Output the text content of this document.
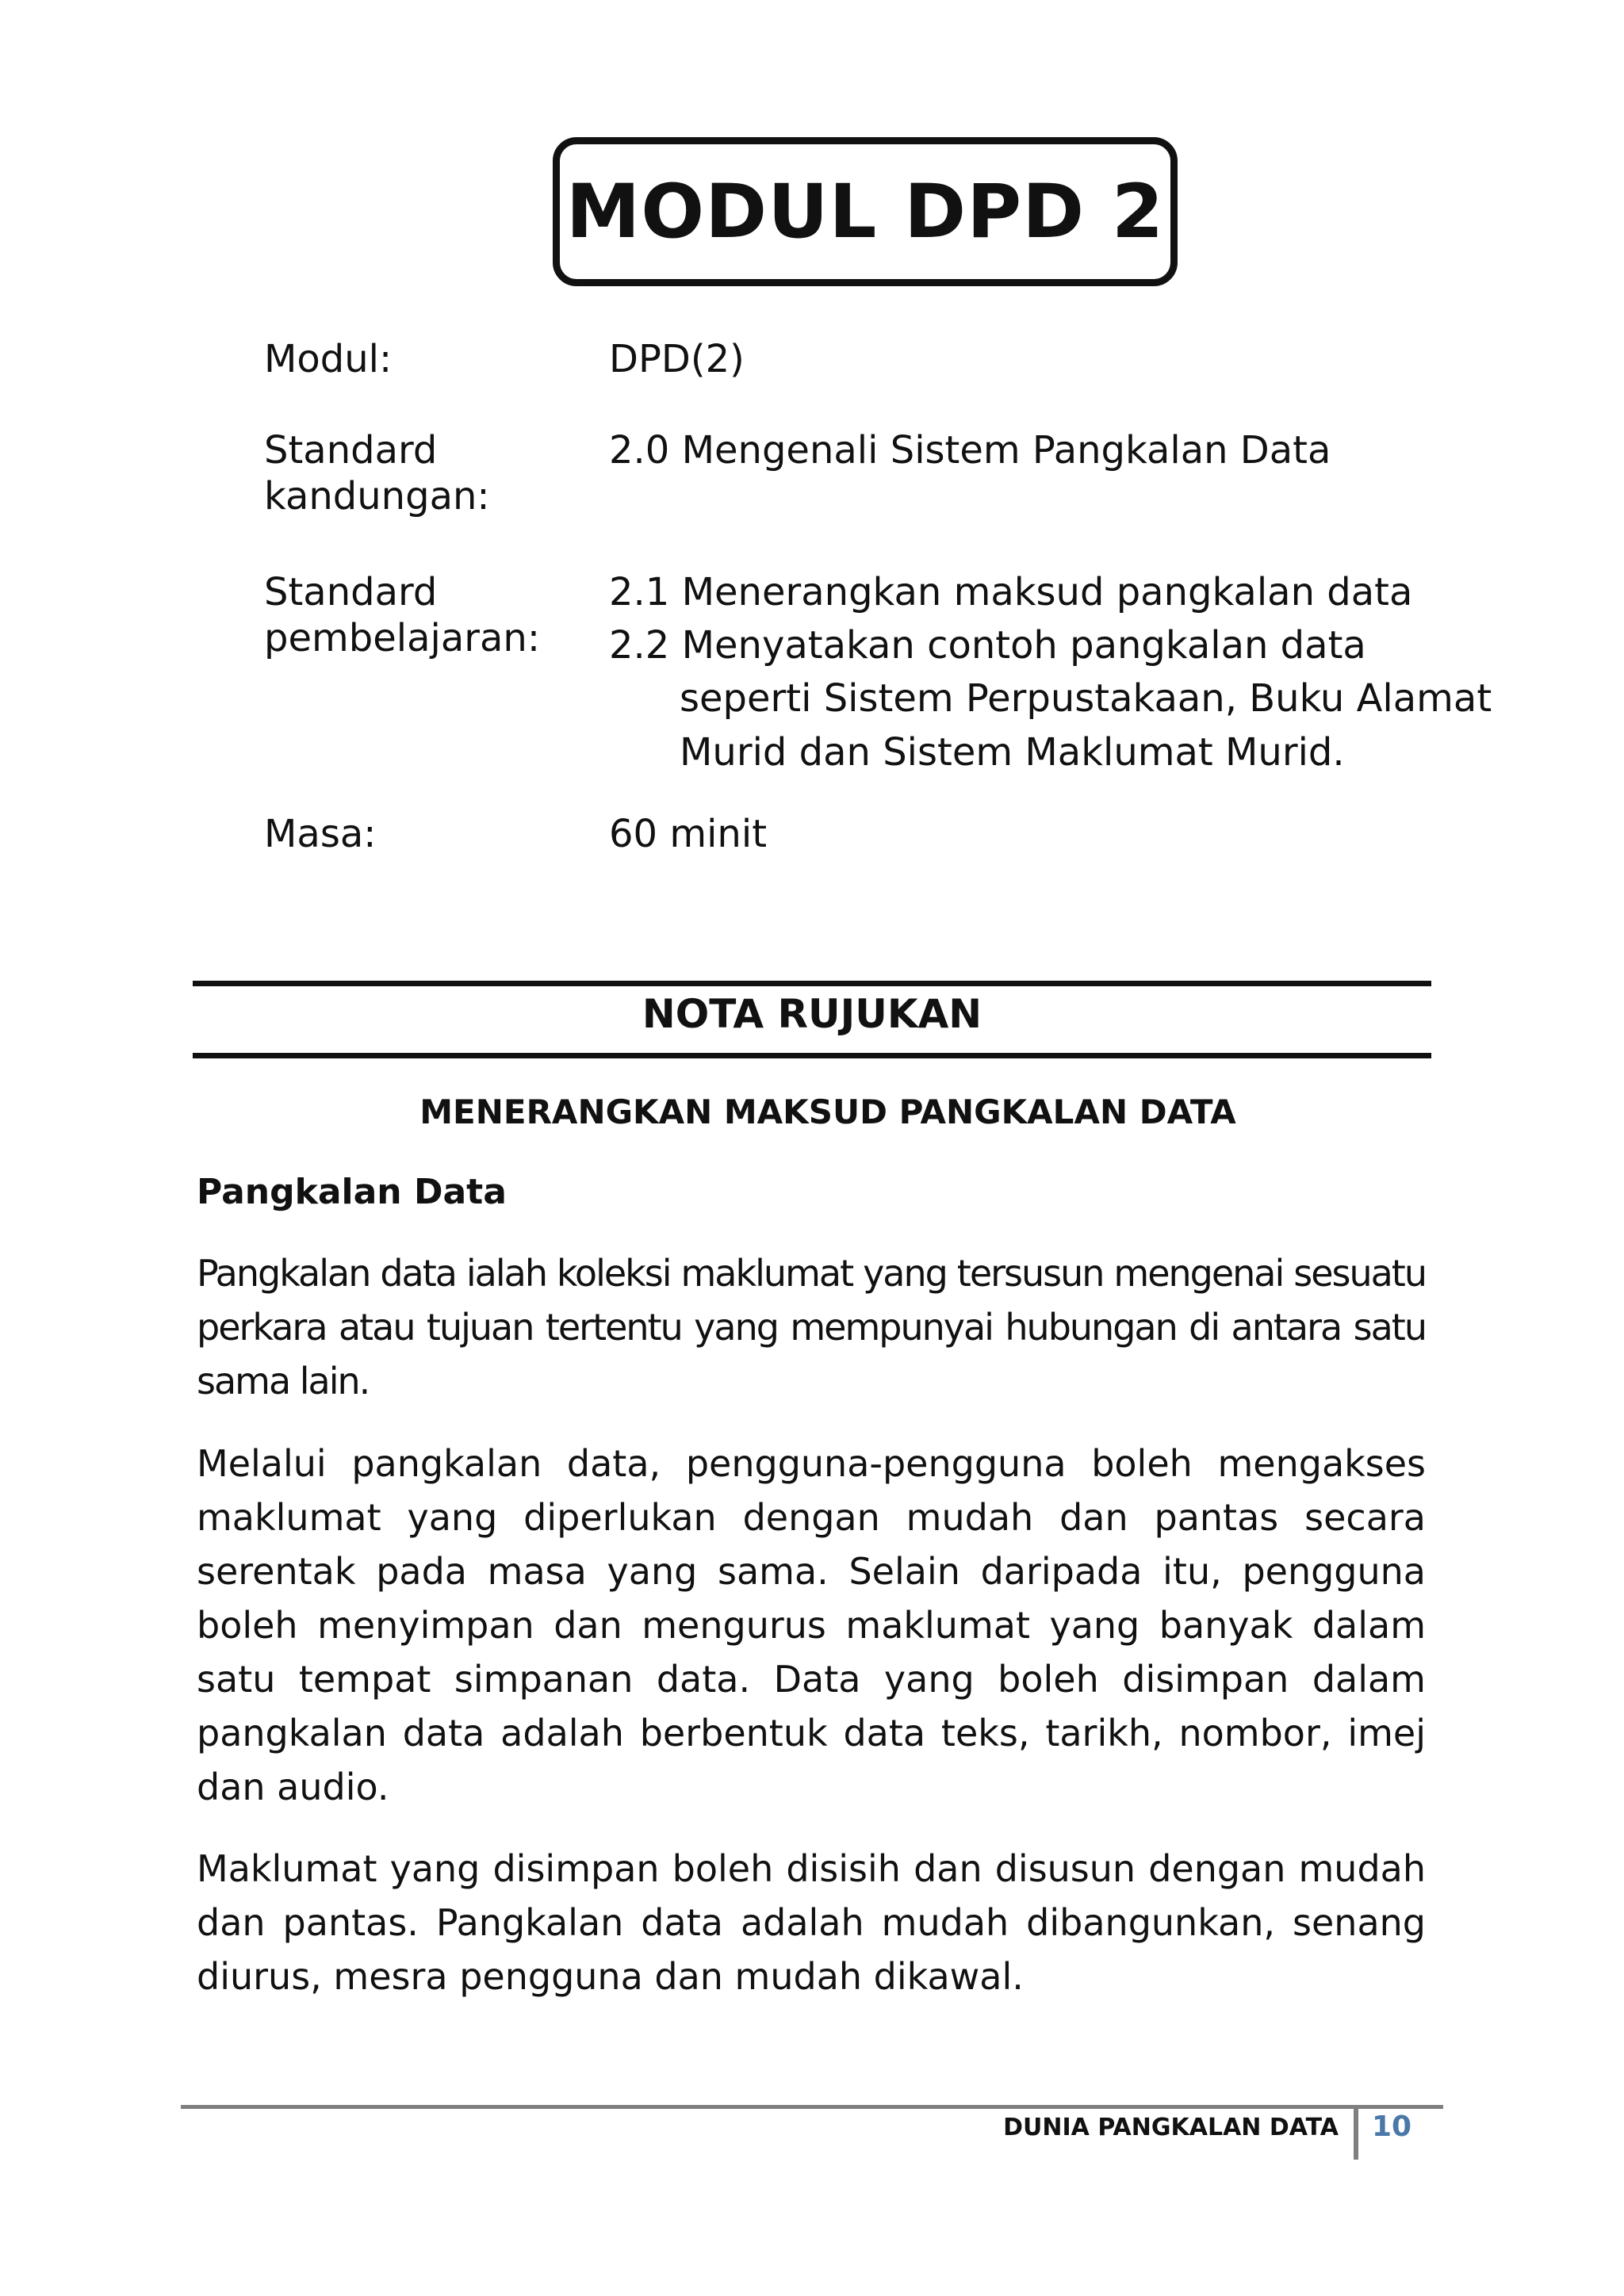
MODUL DPD 2
Modul:	DPD(2)
Standard
kandungan:
2.0 Mengenali Sistem Pangkalan Data
Standard
pembelajaran:
2.1 Menerangkan maksud pangkalan data
2.2 Menyatakan contoh pangkalan data
seperti Sistem Perpustakaan, Buku Alamat
Murid dan Sistem Maklumat Murid.
Masa:	60 minit
NOTA RUJUKAN
MENERANGKAN MAKSUD PANGKALAN DATA
Pangkalan Data

Pangkalan data ialah koleksi maklumat yang tersusun mengenai sesuatu perkara atau tujuan tertentu yang mempunyai hubungan di antara satu sama lain.

Melalui pangkalan data, pengguna-pengguna boleh mengakses maklumat yang diperlukan dengan mudah dan pantas secara serentak pada masa yang sama. Selain daripada itu, pengguna boleh menyimpan dan mengurus maklumat yang banyak dalam satu tempat simpanan data. Data yang boleh disimpan dalam pangkalan data adalah berbentuk data teks, tarikh, nombor, imej dan audio.

Maklumat yang disimpan boleh disisih dan disusun dengan mudah dan pantas. Pangkalan data adalah mudah dibangunkan, senang diurus, mesra pengguna dan mudah dikawal.

DUNIA PANGKALAN DATA 10
